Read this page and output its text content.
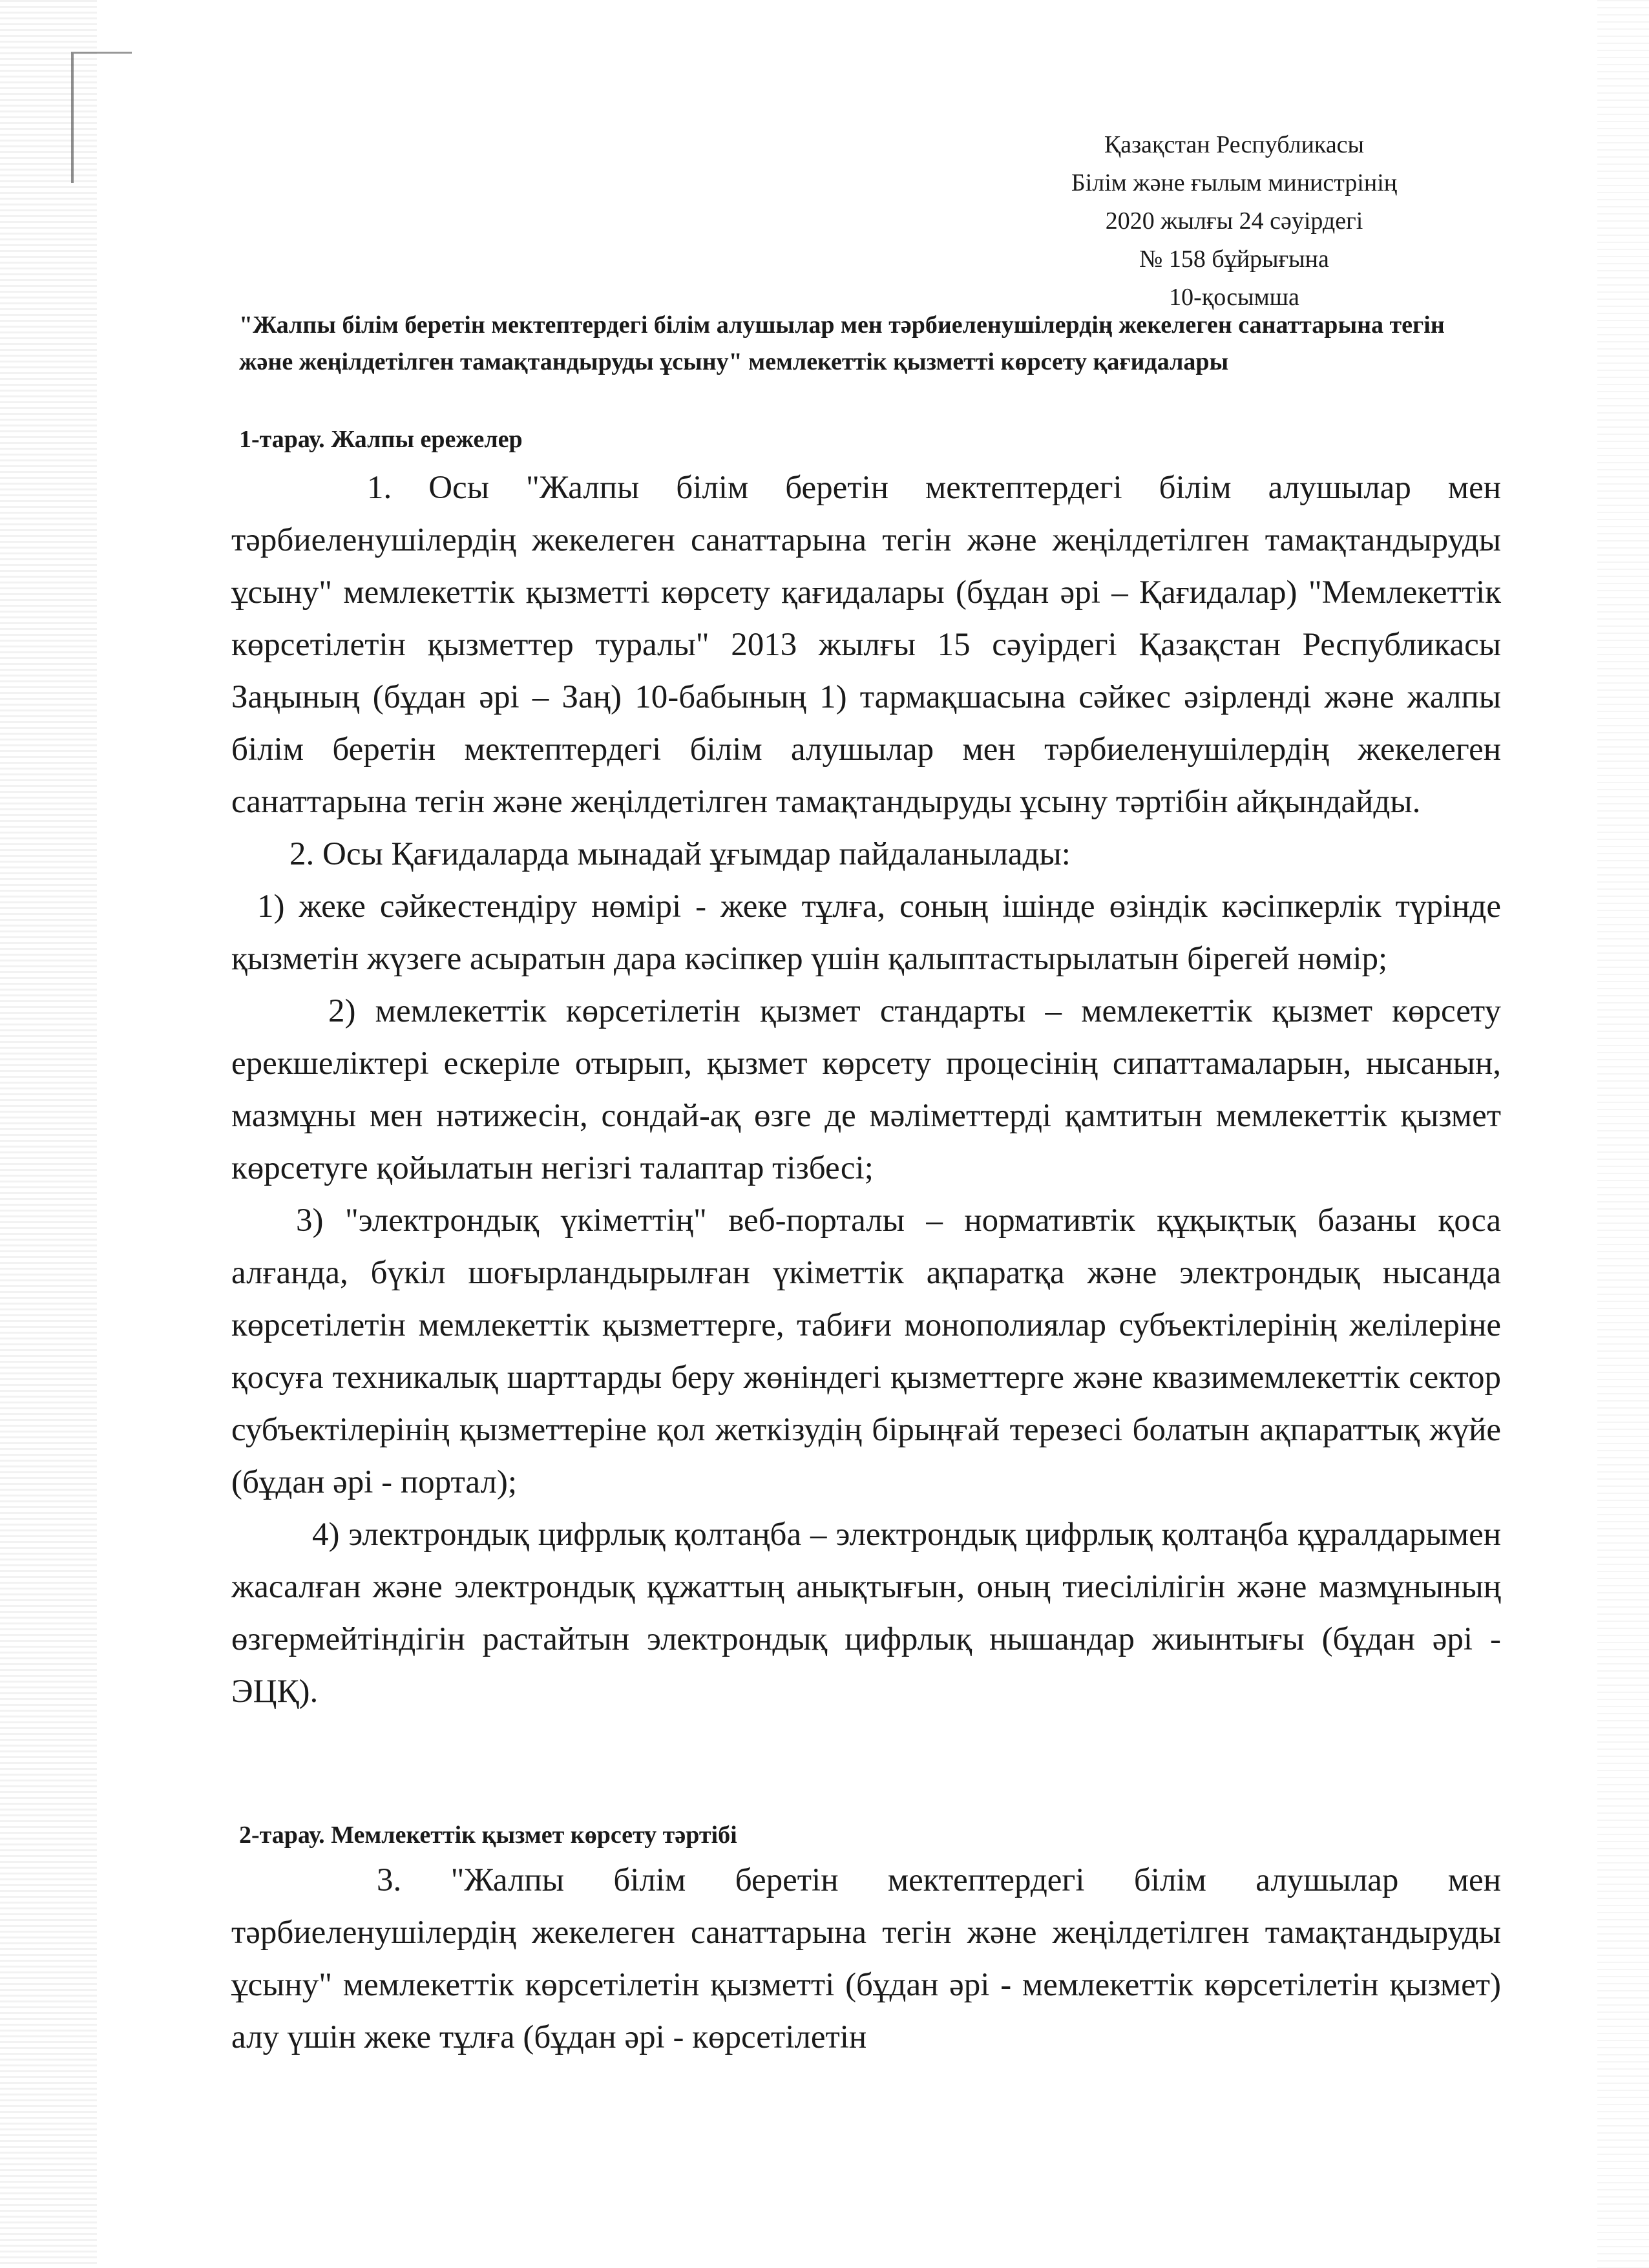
Қазақстан Республикасы
Білім және ғылым министрінің
2020 жылғы 24 сәуірдегі
№ 158 бұйрығына
10-қосымша
"Жалпы білім беретін мектептердегі білім алушылар мен тәрбиеленушілердің жекелеген санаттарына тегін және жеңілдетілген тамақтандыруды ұсыну" мемлекеттік қызметті көрсету қағидалары
1-тарау. Жалпы ережелер

1. Осы "Жалпы білім беретін мектептердегі білім алушылар мен тәрбиеленушілердің жекелеген санаттарына тегін және жеңілдетілген тамақтандыруды ұсыну" мемлекеттік қызметті көрсету қағидалары (бұдан әрі – Қағидалар) "Мемлекеттік көрсетілетін қызметтер туралы" 2013 жылғы 15 сәуірдегі Қазақстан Республикасы Заңының (бұдан әрі – Заң) 10-бабының 1) тармақшасына сәйкес әзірленді және жалпы білім беретін мектептердегі білім алушылар мен тәрбиеленушілердің жекелеген санаттарына тегін және жеңілдетілген тамақтандыруды ұсыну тәртібін айқындайды.

2. Осы Қағидаларда мынадай ұғымдар пайдаланылады:

1) жеке сәйкестендіру нөмірі - жеке тұлға, соның ішінде өзіндік кәсіпкерлік түрінде қызметін жүзеге асыратын дара кәсіпкер үшін қалыптастырылатын бірегей нөмір;

2) мемлекеттік көрсетілетін қызмет стандарты – мемлекеттік қызмет көрсету ерекшеліктері ескеріле отырып, қызмет көрсету процесінің сипаттамаларын, нысанын, мазмұны мен нәтижесін, сондай-ақ өзге де мәліметтерді қамтитын мемлекеттік қызмет көрсетуге қойылатын негізгі талаптар тізбесі;

3) "электрондық үкіметтің" веб-порталы – нормативтік құқықтық базаны қоса алғанда, бүкіл шоғырландырылған үкіметтік ақпаратқа және электрондық нысанда көрсетілетін мемлекеттік қызметтерге, табиғи монополиялар субъектілерінің желілеріне қосуға техникалық шарттарды беру жөніндегі қызметтерге және квазимемлекеттік сектор субъектілерінің қызметтеріне қол жеткізудің бірыңғай терезесі болатын ақпараттық жүйе (бұдан әрі - портал);

4) электрондық цифрлық қолтаңба – электрондық цифрлық қолтаңба құралдарымен жасалған және электрондық құжаттың анықтығын, оның тиесілілігін және мазмұнының өзгермейтіндігін растайтын электрондық цифрлық нышандар жиынтығы (бұдан әрі - ЭЦҚ).

2-тарау. Мемлекеттік қызмет көрсету тәртібі

3. "Жалпы білім беретін мектептердегі білім алушылар мен тәрбиеленушілердің жекелеген санаттарына тегін және жеңілдетілген тамақтандыруды ұсыну" мемлекеттік көрсетілетін қызметті (бұдан әрі - мемлекеттік көрсетілетін қызмет) алу үшін жеке тұлға (бұдан әрі - көрсетілетін
